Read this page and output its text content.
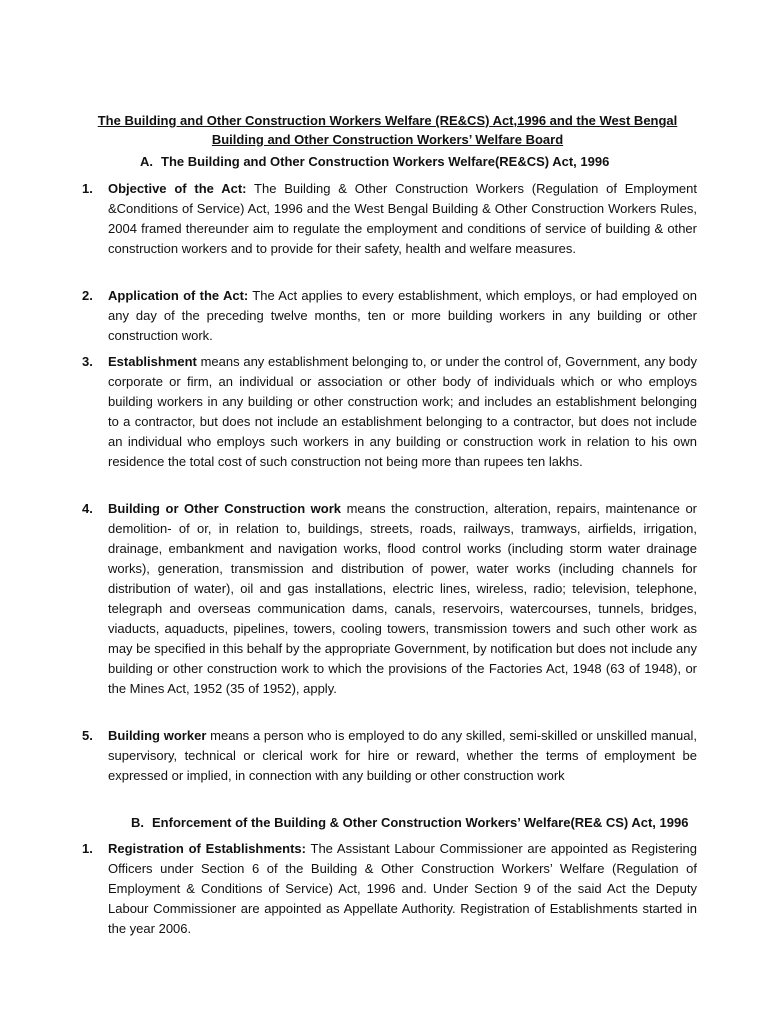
The Building and Other Construction Workers Welfare (RE&CS) Act,1996 and the West Bengal
Building and Other Construction Workers’ Welfare Board
A. The Building and Other Construction Workers Welfare(RE&CS) Act, 1996
1. Objective of the Act: The Building & Other Construction Workers (Regulation of Employment &Conditions of Service) Act, 1996 and the West Bengal Building & Other Construction Workers Rules, 2004 framed thereunder aim to regulate the employment and conditions of service of building & other construction workers and to provide for their safety, health and welfare measures.
2. Application of the Act: The Act applies to every establishment, which employs, or had employed on any day of the preceding twelve months, ten or more building workers in any building or other construction work.
3. Establishment means any establishment belonging to, or under the control of, Government, any body corporate or firm, an individual or association or other body of individuals which or who employs building workers in any building or other construction work; and includes an establishment belonging to a contractor, but does not include an establishment belonging to a contractor, but does not include an individual who employs such workers in any building or construction work in relation to his own residence the total cost of such construction not being more than rupees ten lakhs.
4. Building or Other Construction work means the construction, alteration, repairs, maintenance or demolition- of or, in relation to, buildings, streets, roads, railways, tramways, airfields, irrigation, drainage, embankment and navigation works, flood control works (including storm water drainage works), generation, transmission and distribution of power, water works (including channels for distribution of water), oil and gas installations, electric lines, wireless, radio; television, telephone, telegraph and overseas communication dams, canals, reservoirs, watercourses, tunnels, bridges, viaducts, aquaducts, pipelines, towers, cooling towers, transmission towers and such other work as may be specified in this behalf by the appropriate Government, by notification but does not include any building or other construction work to which the provisions of the Factories Act, 1948 (63 of 1948), or the Mines Act, 1952 (35 of 1952), apply.
5. Building worker means a person who is employed to do any skilled, semi-skilled or unskilled manual, supervisory, technical or clerical work for hire or reward, whether the terms of employment be expressed or implied, in connection with any building or other construction work
B. Enforcement of the Building & Other Construction Workers’ Welfare(RE& CS) Act, 1996
1. Registration of Establishments: The Assistant Labour Commissioner are appointed as Registering Officers under Section 6 of the Building & Other Construction Workers’ Welfare (Regulation of Employment & Conditions of Service) Act, 1996 and. Under Section 9 of the said Act the Deputy Labour Commissioner are appointed as Appellate Authority. Registration of Establishments started in the year 2006.
